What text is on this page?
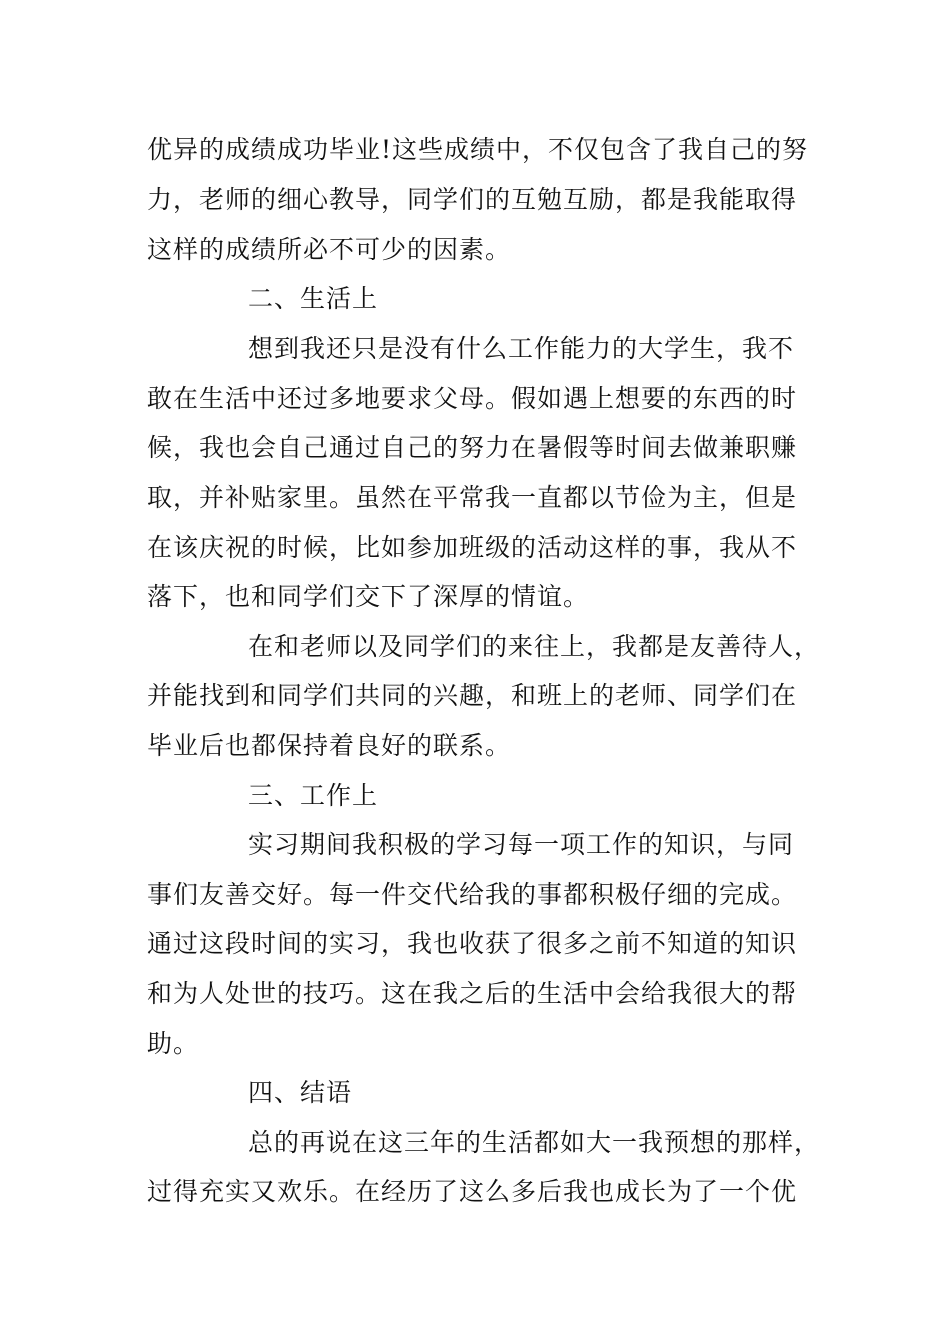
优异的成绩成功毕业!这些成绩中，不仅包含了我自己的努
力，老师的细心教导，同学们的互勉互励，都是我能取得
这样的成绩所必不可少的因素。
二、生活上
想到我还只是没有什么工作能力的大学生，我不
敢在生活中还过多地要求父母。假如遇上想要的东西的时
候，我也会自己通过自己的努力在暑假等时间去做兼职赚
取，并补贴家里。虽然在平常我一直都以节俭为主，但是
在该庆祝的时候，比如参加班级的活动这样的事，我从不
落下，也和同学们交下了深厚的情谊。
在和老师以及同学们的来往上，我都是友善待人，
并能找到和同学们共同的兴趣，和班上的老师、同学们在
毕业后也都保持着良好的联系。
三、工作上
实习期间我积极的学习每一项工作的知识，与同
事们友善交好。每一件交代给我的事都积极仔细的完成。
通过这段时间的实习，我也收获了很多之前不知道的知识
和为人处世的技巧。这在我之后的生活中会给我很大的帮
助。
四、结语
总的再说在这三年的生活都如大一我预想的那样，
过得充实又欢乐。在经历了这么多后我也成长为了一个优
